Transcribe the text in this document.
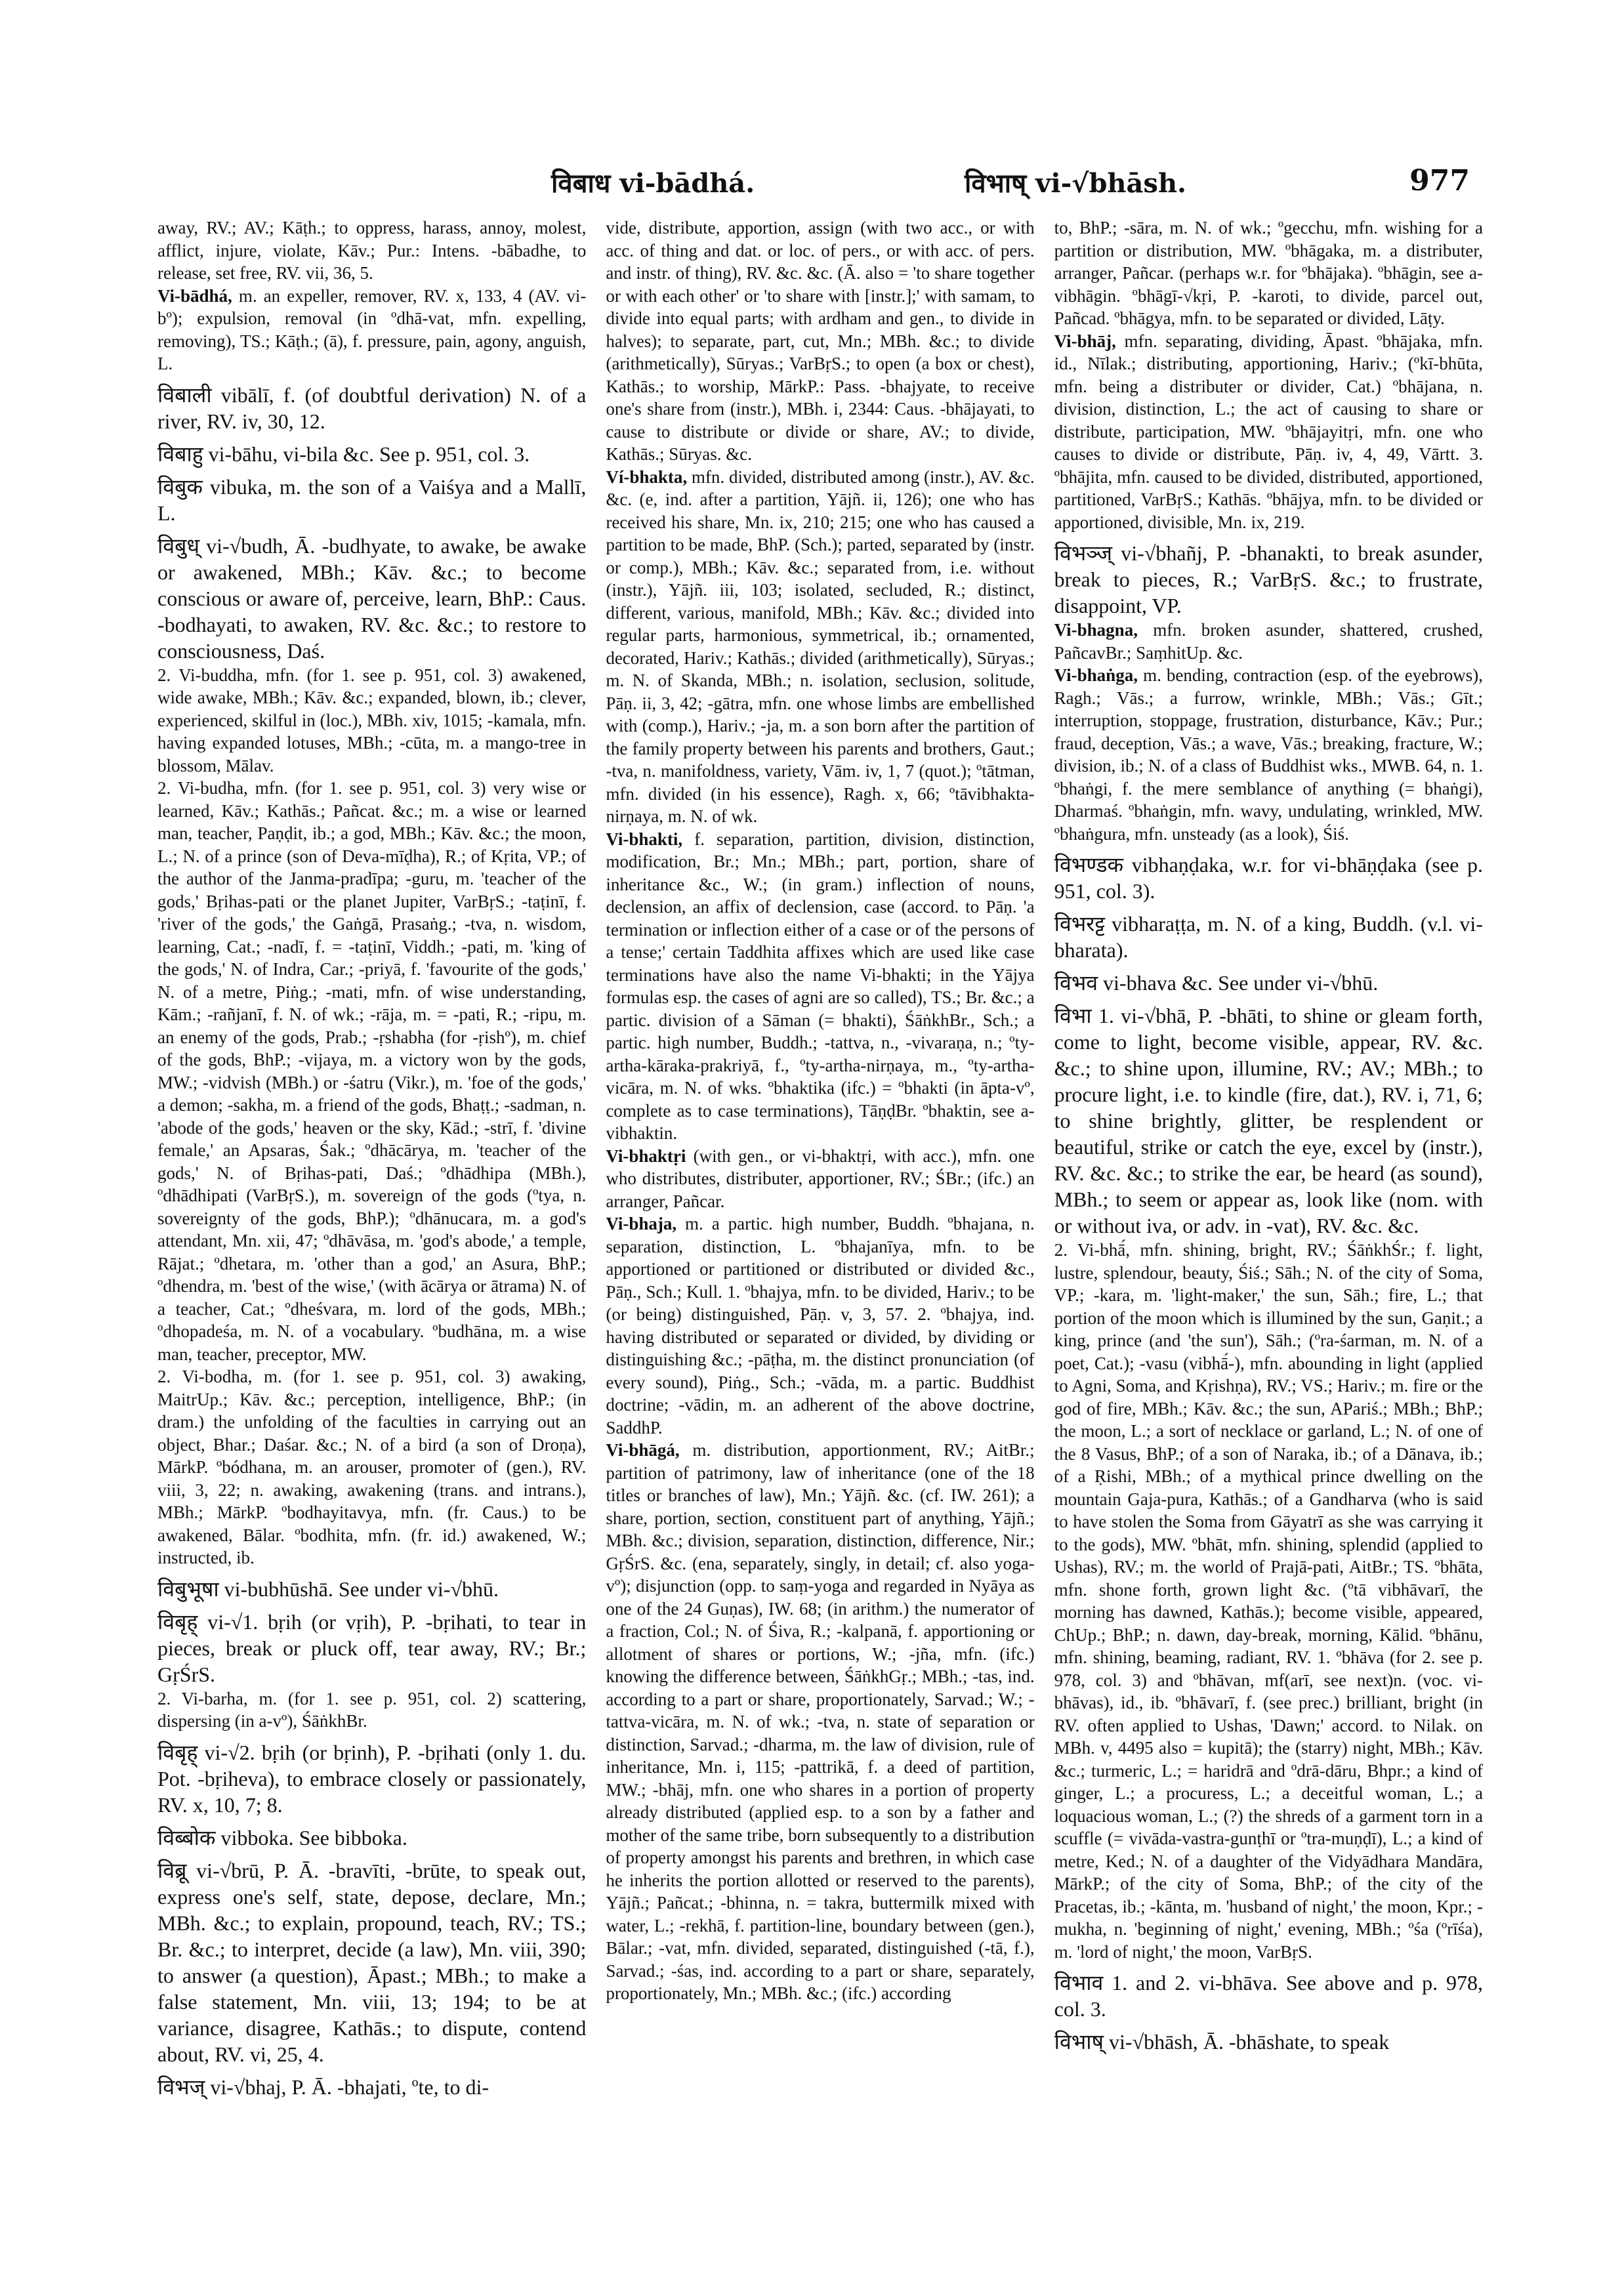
विबाध vi-bādhá.	विभाष् vi-√bhāsh.	977

away, RV.; AV.; Kāṭh.; to oppress, harass, annoy, molest, afflict, injure, violate, Kāv.; Pur.: Intens. -bābadhe, to release, set free, RV. vii, 36, 5.

Vi-bādhá, m. an expeller, remover, RV. x, 133, 4 (AV. vi-bº); expulsion, removal (in ºdhā-vat, mfn. expelling, removing), TS.; Kāṭh.; (ā), f. pressure, pain, agony, anguish, L.

विबाली vibālī, f. (of doubtful derivation) N. of a river, RV. iv, 30, 12.

विबाहु vi-bāhu, vi-bila &c. See p. 951, col. 3.

विबुक vibuka, m. the son of a Vaiśya and a Mallī, L.

विबुध् vi-√budh, Ā. -budhyate, to awake, be awake or awakened, MBh.; Kāv. &c.; to become conscious or aware of, perceive, learn, BhP.: Caus. -bodhayati, to awaken, RV. &c. &c.; to restore to consciousness, Daś.

2. Vi-buddha, mfn. (for 1. see p. 951, col. 3) awakened, wide awake, MBh.; Kāv. &c.; expanded, blown, ib.; clever, experienced, skilful in (loc.), MBh. xiv, 1015; -kamala, mfn. having expanded lotuses, MBh.; -cūta, m. a mango-tree in blossom, Mālav.

2. Vi-budha, mfn. (for 1. see p. 951, col. 3) very wise or learned, Kāv.; Kathās.; Pañcat. &c.; m. a wise or learned man, teacher, Paṇḍit, ib.; a god, MBh.; Kāv. &c.; the moon, L.; N. of a prince (son of Deva-mīḍha), R.; of Kṛita, VP.; of the author of the Janma-pradīpa; -guru, m. 'teacher of the gods,' Bṛihas-pati or the planet Jupiter, VarBṛS.; -taṭinī, f. 'river of the gods,' the Gaṅgā, Prasaṅg.; -tva, n. wisdom, learning, Cat.; -nadī, f. = -taṭinī, Viddh.; -pati, m. 'king of the gods,' N. of Indra, Car.; -priyā, f. 'favourite of the gods,' N. of a metre, Piṅg.; -mati, mfn. of wise understanding, Kām.; -rañjanī, f. N. of wk.; -rāja, m. = -pati, R.; -ripu, m. an enemy of the gods, Prab.; -ṛshabha (for -ṛishº), m. chief of the gods, BhP.; -vijaya, m. a victory won by the gods, MW.; -vidvish (MBh.) or -śatru (Vikr.), m. 'foe of the gods,' a demon; -sakha, m. a friend of the gods, Bhaṭṭ.; -sadman, n. 'abode of the gods,' heaven or the sky, Kād.; -strī, f. 'divine female,' an Apsaras, Śak.; ºdhācārya, m. 'teacher of the gods,' N. of Bṛihas-pati, Daś.; ºdhādhipa (MBh.), ºdhādhipati (VarBṛS.), m. sovereign of the gods (ºtya, n. sovereignty of the gods, BhP.); ºdhānucara, m. a god's attendant, Mn. xii, 47; ºdhāvāsa, m. 'god's abode,' a temple, Rājat.; ºdhetara, m. 'other than a god,' an Asura, BhP.; ºdhendra, m. 'best of the wise,' (with ācārya or ātrama) N. of a teacher, Cat.; ºdheśvara, m. lord of the gods, MBh.; ºdhopadeśa, m. N. of a vocabulary. ºbudhāna, m. a wise man, teacher, preceptor, MW.

2. Vi-bodha, m. (for 1. see p. 951, col. 3) awaking, MaitrUp.; Kāv. &c.; perception, intelligence, BhP.; (in dram.) the unfolding of the faculties in carrying out an object, Bhar.; Daśar. &c.; N. of a bird (a son of Droṇa), MārkP. ºbódhana, m. an arouser, promoter of (gen.), RV. viii, 3, 22; n. awaking, awakening (trans. and intrans.), MBh.; MārkP. ºbodhayitavya, mfn. (fr. Caus.) to be awakened, Bālar. ºbodhita, mfn. (fr. id.) awakened, W.; instructed, ib.

विबुभूषा vi-bubhūshā. See under vi-√bhū.

विबृह् vi-√1. bṛih (or vṛih), P. -bṛihati, to tear in pieces, break or pluck off, tear away, RV.; Br.; GṛŚrS.

2. Vi-barha, m. (for 1. see p. 951, col. 2) scattering, dispersing (in a-vº), ŚāṅkhBr.

विबृह् vi-√2. bṛih (or bṛinh), P. -bṛihati (only 1. du. Pot. -bṛiheva), to embrace closely or passionately, RV. x, 10, 7; 8.

विब्बोक vibboka. See bibboka.

विब्रू vi-√brū, P. Ā. -bravīti, -brūte, to speak out, express one's self, state, depose, declare, Mn.; MBh. &c.; to explain, propound, teach, RV.; TS.; Br. &c.; to interpret, decide (a law), Mn. viii, 390; to answer (a question), Āpast.; MBh.; to make a false statement, Mn. viii, 13; 194; to be at variance, disagree, Kathās.; to dispute, contend about, RV. vi, 25, 4.

विभज् vi-√bhaj, P. Ā. -bhajati, ºte, to di-

vide, distribute, apportion, assign (with two acc., or with acc. of thing and dat. or loc. of pers., or with acc. of pers. and instr. of thing), RV. &c. &c. (Ā. also = 'to share together or with each other' or 'to share with [instr.];' with samam, to divide into equal parts; with ardham and gen., to divide in halves); to separate, part, cut, Mn.; MBh. &c.; to divide (arithmetically), Sūryas.; VarBṛS.; to open (a box or chest), Kathās.; to worship, MārkP.: Pass. -bhajyate, to receive one's share from (instr.), MBh. i, 2344: Caus. -bhājayati, to cause to distribute or divide or share, AV.; to divide, Kathās.; Sūryas. &c.

Ví-bhakta, mfn. divided, distributed among (instr.), AV. &c. &c. (e, ind. after a partition, Yājñ. ii, 126); one who has received his share, Mn. ix, 210; 215; one who has caused a partition to be made, BhP. (Sch.); parted, separated by (instr. or comp.), MBh.; Kāv. &c.; separated from, i.e. without (instr.), Yājñ. iii, 103; isolated, secluded, R.; distinct, different, various, manifold, MBh.; Kāv. &c.; divided into regular parts, harmonious, symmetrical, ib.; ornamented, decorated, Hariv.; Kathās.; divided (arithmetically), Sūryas.; m. N. of Skanda, MBh.; n. isolation, seclusion, solitude, Pāṇ. ii, 3, 42; -gātra, mfn. one whose limbs are embellished with (comp.), Hariv.; -ja, m. a son born after the partition of the family property between his parents and brothers, Gaut.; -tva, n. manifoldness, variety, Vām. iv, 1, 7 (quot.); ºtātman, mfn. divided (in his essence), Ragh. x, 66; ºtāvibhakta-nirṇaya, m. N. of wk.

Vi-bhakti, f. separation, partition, division, distinction, modification, Br.; Mn.; MBh.; part, portion, share of inheritance &c., W.; (in gram.) inflection of nouns, declension, an affix of declension, case (accord. to Pāṇ. 'a termination or inflection either of a case or of the persons of a tense;' certain Taddhita affixes which are used like case terminations have also the name Vi-bhakti; in the Yājya formulas esp. the cases of agni are so called), TS.; Br. &c.; a partic. division of a Sāman (= bhakti), ŚāṅkhBr., Sch.; a partic. high number, Buddh.; -tattva, n., -vivaraṇa, n.; ºty-artha-kāraka-prakriyā, f., ºty-artha-nirṇaya, m., ºty-artha-vicāra, m. N. of wks. ºbhaktika (ifc.) = ºbhakti (in āpta-vº, complete as to case terminations), TāṇḍBr. ºbhaktin, see a-vibhaktin.

Vi-bhaktṛi (with gen., or vi-bhaktṛi, with acc.), mfn. one who distributes, distributer, apportioner, RV.; ŚBr.; (ifc.) an arranger, Pañcar.

Vi-bhaja, m. a partic. high number, Buddh. ºbhajana, n. separation, distinction, L. ºbhajanīya, mfn. to be apportioned or partitioned or distributed or divided &c., Pāṇ., Sch.; Kull. 1. ºbhajya, mfn. to be divided, Hariv.; to be (or being) distinguished, Pāṇ. v, 3, 57. 2. ºbhajya, ind. having distributed or separated or divided, by dividing or distinguishing &c.; -pāṭha, m. the distinct pronunciation (of every sound), Piṅg., Sch.; -vāda, m. a partic. Buddhist doctrine; -vādin, m. an adherent of the above doctrine, SaddhP.

Vi-bhāgá, m. distribution, apportionment, RV.; AitBr.; partition of patrimony, law of inheritance (one of the 18 titles or branches of law), Mn.; Yājñ. &c. (cf. IW. 261); a share, portion, section, constituent part of anything, Yājñ.; MBh. &c.; division, separation, distinction, difference, Nir.; GṛŚrS. &c. (ena, separately, singly, in detail; cf. also yoga-vº); disjunction (opp. to saṃ-yoga and regarded in Nyāya as one of the 24 Guṇas), IW. 68; (in arithm.) the numerator of a fraction, Col.; N. of Śiva, R.; -kalpanā, f. apportioning or allotment of shares or portions, W.; -jña, mfn. (ifc.) knowing the difference between, ŚāṅkhGṛ.; MBh.; -tas, ind. according to a part or share, proportionately, Sarvad.; W.; -tattva-vicāra, m. N. of wk.; -tva, n. state of separation or distinction, Sarvad.; -dharma, m. the law of division, rule of inheritance, Mn. i, 115; -pattrikā, f. a deed of partition, MW.; -bhāj, mfn. one who shares in a portion of property already distributed (applied esp. to a son by a father and mother of the same tribe, born subsequently to a distribution of property amongst his parents and brethren, in which case he inherits the portion allotted or reserved to the parents), Yājñ.; Pañcat.; -bhinna, n. = takra, buttermilk mixed with water, L.; -rekhā, f. partition-line, boundary between (gen.), Bālar.; -vat, mfn. divided, separated, distinguished (-tā, f.), Sarvad.; -śas, ind. according to a part or share, separately, proportionately, Mn.; MBh. &c.; (ifc.) according

to, BhP.; -sāra, m. N. of wk.; ºgecchu, mfn. wishing for a partition or distribution, MW. ºbhāgaka, m. a distributer, arranger, Pañcar. (perhaps w.r. for ºbhājaka). ºbhāgin, see a-vibhāgin. ºbhāgī-√kṛi, P. -karoti, to divide, parcel out, Pañcad. ºbhāgya, mfn. to be separated or divided, Lāṭy.

Vi-bhāj, mfn. separating, dividing, Āpast. ºbhājaka, mfn. id., Nīlak.; distributing, apportioning, Hariv.; (ºkī-bhūta, mfn. being a distributer or divider, Cat.) ºbhājana, n. division, distinction, L.; the act of causing to share or distribute, participation, MW. ºbhājayitṛi, mfn. one who causes to divide or distribute, Pāṇ. iv, 4, 49, Vārtt. 3. ºbhājita, mfn. caused to be divided, distributed, apportioned, partitioned, VarBṛS.; Kathās. ºbhājya, mfn. to be divided or apportioned, divisible, Mn. ix, 219.

विभञ्ज् vi-√bhañj, P. -bhanakti, to break asunder, break to pieces, R.; VarBṛS. &c.; to frustrate, disappoint, VP.

Vi-bhagna, mfn. broken asunder, shattered, crushed, PañcavBr.; SaṃhitUp. &c.

Vi-bhaṅga, m. bending, contraction (esp. of the eyebrows), Ragh.; Vās.; a furrow, wrinkle, MBh.; Vās.; Gīt.; interruption, stoppage, frustration, disturbance, Kāv.; Pur.; fraud, deception, Vās.; a wave, Vās.; breaking, fracture, W.; division, ib.; N. of a class of Buddhist wks., MWB. 64, n. 1. ºbhaṅgi, f. the mere semblance of anything (= bhaṅgi), Dharmaś. ºbhaṅgin, mfn. wavy, undulating, wrinkled, MW. ºbhaṅgura, mfn. unsteady (as a look), Śiś.

विभण्डक vibhaṇḍaka, w.r. for vi-bhāṇḍaka (see p. 951, col. 3).

विभरट्ट vibharaṭṭa, m. N. of a king, Buddh. (v.l. vi-bharata).

विभव vi-bhava &c. See under vi-√bhū.

विभा 1. vi-√bhā, P. -bhāti, to shine or gleam forth, come to light, become visible, appear, RV. &c. &c.; to shine upon, illumine, RV.; AV.; MBh.; to procure light, i.e. to kindle (fire, dat.), RV. i, 71, 6; to shine brightly, glitter, be resplendent or beautiful, strike or catch the eye, excel by (instr.), RV. &c. &c.; to strike the ear, be heard (as sound), MBh.; to seem or appear as, look like (nom. with or without iva, or adv. in -vat), RV. &c. &c.

2. Vi-bhā́, mfn. shining, bright, RV.; ŚāṅkhŚr.; f. light, lustre, splendour, beauty, Śiś.; Sāh.; N. of the city of Soma, VP.; -kara, m. 'light-maker,' the sun, Sāh.; fire, L.; that portion of the moon which is illumined by the sun, Gaṇit.; a king, prince (and 'the sun'), Sāh.; (ºra-śarman, m. N. of a poet, Cat.); -vasu (vibhā́-), mfn. abounding in light (applied to Agni, Soma, and Kṛishṇa), RV.; VS.; Hariv.; m. fire or the god of fire, MBh.; Kāv. &c.; the sun, APariś.; MBh.; BhP.; the moon, L.; a sort of necklace or garland, L.; N. of one of the 8 Vasus, BhP.; of a son of Naraka, ib.; of a Dānava, ib.; of a Ṛishi, MBh.; of a mythical prince dwelling on the mountain Gaja-pura, Kathās.; of a Gandharva (who is said to have stolen the Soma from Gāyatrī as she was carrying it to the gods), MW. ºbhāt, mfn. shining, splendid (applied to Ushas), RV.; m. the world of Prajā-pati, AitBr.; TS. ºbhāta, mfn. shone forth, grown light &c. (ºtā vibhāvarī, the morning has dawned, Kathās.); become visible, appeared, ChUp.; BhP.; n. dawn, day-break, morning, Kālid. ºbhānu, mfn. shining, beaming, radiant, RV. 1. ºbhāva (for 2. see p. 978, col. 3) and ºbhāvan, mf(arī, see next)n. (voc. vi-bhāvas), id., ib. ºbhāvarī, f. (see prec.) brilliant, bright (in RV. often applied to Ushas, 'Dawn;' accord. to Nilak. on MBh. v, 4495 also = kupitā); the (starry) night, MBh.; Kāv. &c.; turmeric, L.; = haridrā and ºdrā-dāru, Bhpr.; a kind of ginger, L.; a procuress, L.; a deceitful woman, L.; a loquacious woman, L.; (?) the shreds of a garment torn in a scuffle (= vivāda-vastra-gunṭhī or ºtra-muṇḍī), L.; a kind of metre, Ked.; N. of a daughter of the Vidyādhara Mandāra, MārkP.; of the city of Soma, BhP.; of the city of the Pracetas, ib.; -kānta, m. 'husband of night,' the moon, Kpr.; -mukha, n. 'beginning of night,' evening, MBh.; ºśa (ºrīśa), m. 'lord of night,' the moon, VarBṛS.

विभाव 1. and 2. vi-bhāva. See above and p. 978, col. 3.

विभाष् vi-√bhāsh, Ā. -bhāshate, to speak
